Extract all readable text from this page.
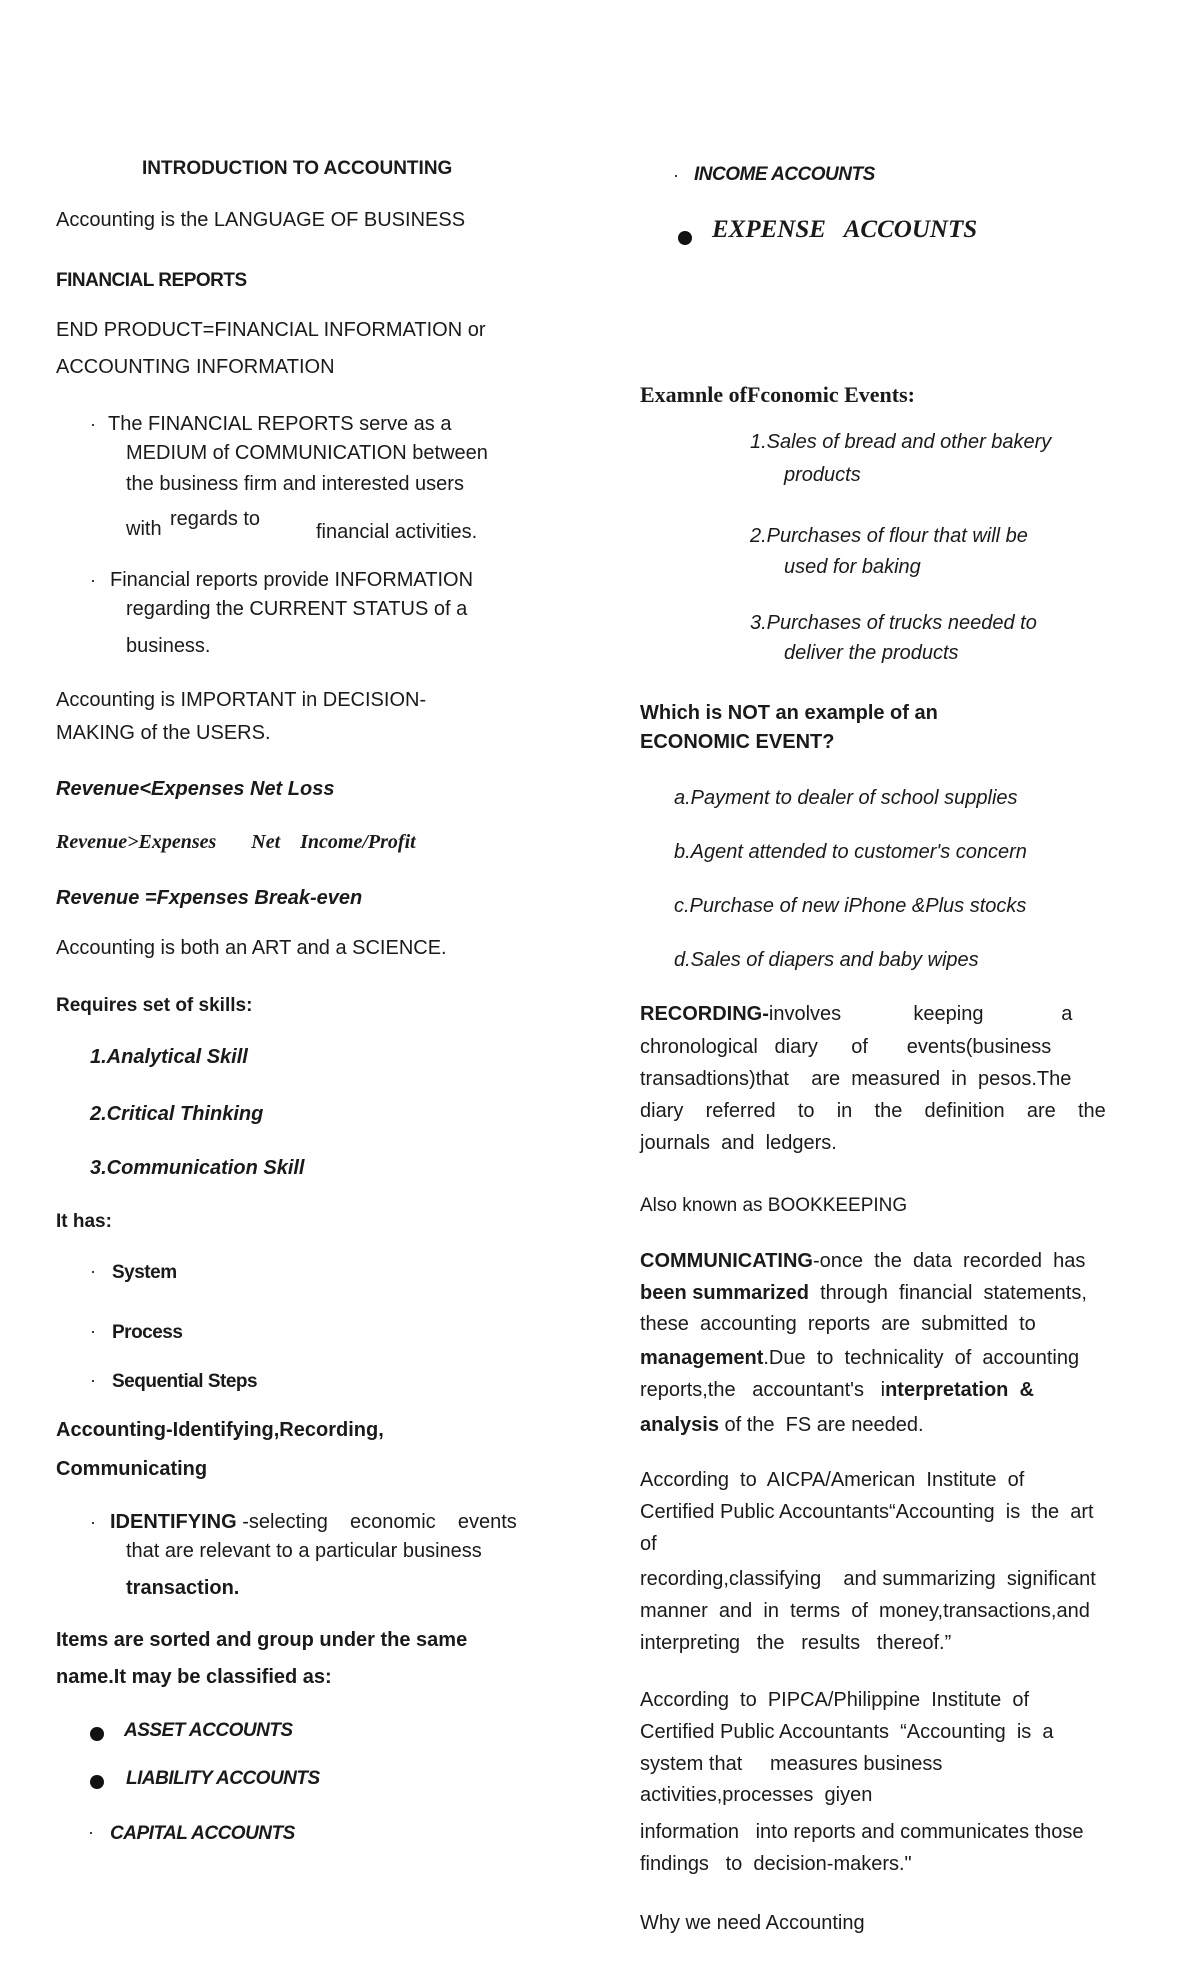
INTRODUCTION TO ACCOUNTING
Accounting is the LANGUAGE OF BUSINESS
FINANCIAL REPORTS
END PRODUCT=FINANCIAL INFORMATION or
ACCOUNTING INFORMATION
· The FINANCIAL REPORTS serve as a
MEDIUM of COMMUNICATION between
the business firm and interested users
with regards to
financial activities.
· Financial reports provide INFORMATION
regarding the CURRENT STATUS of a
business.
Accounting is IMPORTANT in DECISION-
MAKING of the USERS.
Revenue<Expenses Net Loss
Revenue>Expenses       Net    Income/Profit
Revenue =Fxpenses Break-even
Accounting is both an ART and a SCIENCE.
Requires set of skills:
1.Analytical Skill
2.Critical Thinking
3.Communication Skill
It has:
· System
· Process
· Sequential Steps
Accounting-Identifying,Recording,
Communicating
· IDENTIFYING -selecting    economic    events
that are relevant to a particular business
transaction.
Items are sorted and group under the same
name.It may be classified as:
ASSET ACCOUNTS
LIABILITY ACCOUNTS
· CAPITAL ACCOUNTS
· INCOME ACCOUNTS
EXPENSE   ACCOUNTS
Examnle ofFconomic Events:
1.Sales of bread and other bakery
products
2.Purchases of flour that will be
used for baking
3.Purchases of trucks needed to
deliver the products
Which is NOT an example of an
ECONOMIC EVENT?
a.Payment to dealer of school supplies
b.Agent attended to customer's concern
c.Purchase of new iPhone &Plus stocks
d.Sales of diapers and baby wipes
RECORDING-involves             keeping              a
chronological   diary      of       events(business
transadtions)that    are  measured  in  pesos.The
diary    referred    to    in    the    definition    are    the
journals  and  ledgers.
Also known as BOOKKEEPING
COMMUNICATING-once  the  data  recorded  has
been summarized  through  financial  statements,
these  accounting  reports  are  submitted  to
management.Due  to  technicality  of  accounting
reports,the   accountant's   interpretation  &
analysis of the  FS are needed.
According  to  AICPA/American  Institute  of
Certified Public Accountants“Accounting  is  the  art
of
recording,classifying    and summarizing  significant
manner  and  in  terms  of  money,transactions,and
interpreting   the   results   thereof.”
According  to  PIPCA/Philippine  Institute  of
Certified Public Accountants  “Accounting  is  a
system that     measures business
activities,processes  giyen
information   into reports and communicates those
findings   to  decision-makers."
Why we need Accounting
